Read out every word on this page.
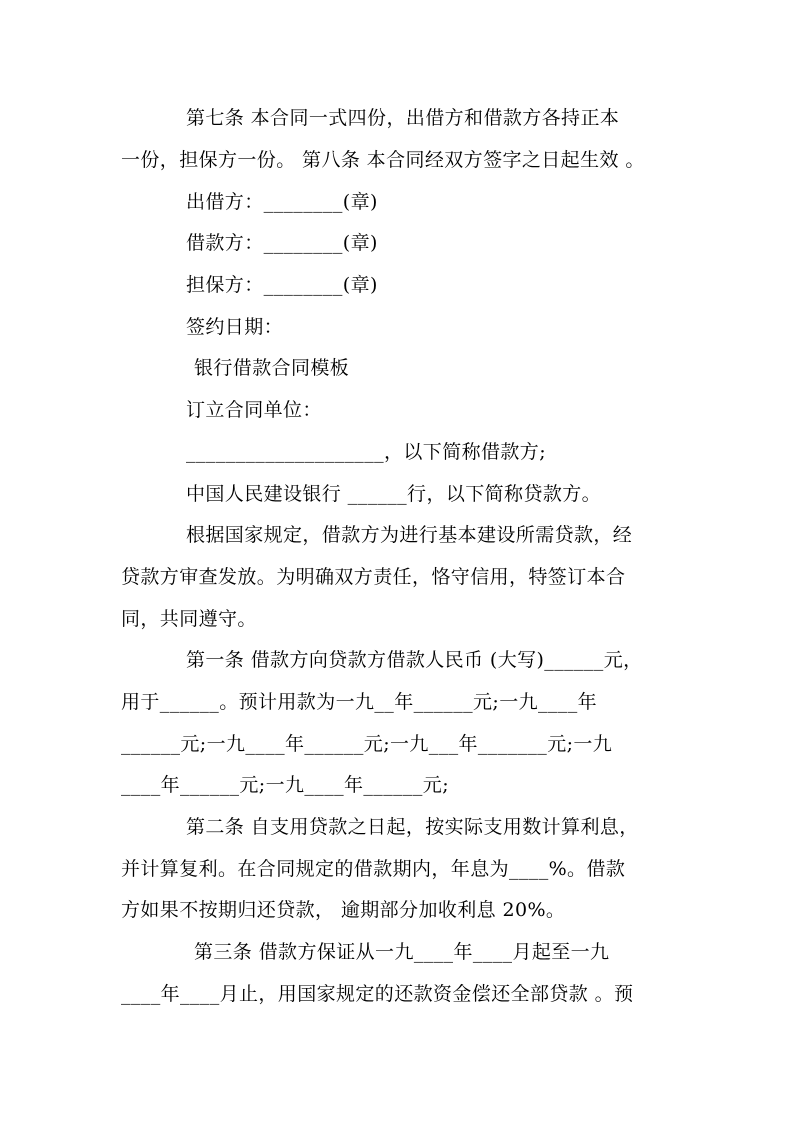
第七条 本合同一式四份，出借方和借款方各持正本
一份，担保方一份。 第八条 本合同经双方签字之日起生效 。
出借方：________(章)
借款方：________(章)
担保方：________(章)
签约日期：
银行借款合同模板
订立合同单位：
____________________，以下简称借款方;
中国人民建设银行 ______行，以下简称贷款方。
根据国家规定，借款方为进行基本建设所需贷款，经
贷款方审查发放。为明确双方责任，恪守信用，特签订本合
同，共同遵守。
第一条 借款方向贷款方借款人民币 (大写)______元，
用于______。预计用款为一九__年______元;一九____年
______元;一九____年______元;一九___年_______元;一九
____年______元;一九____年______元;
第二条 自支用贷款之日起，按实际支用数计算利息，
并计算复利。在合同规定的借款期内，年息为____%。借款
方如果不按期归还贷款， 逾期部分加收利息 20%。
第三条 借款方保证从一九____年____月起至一九
____年____月止，用国家规定的还款资金偿还全部贷款 。预
